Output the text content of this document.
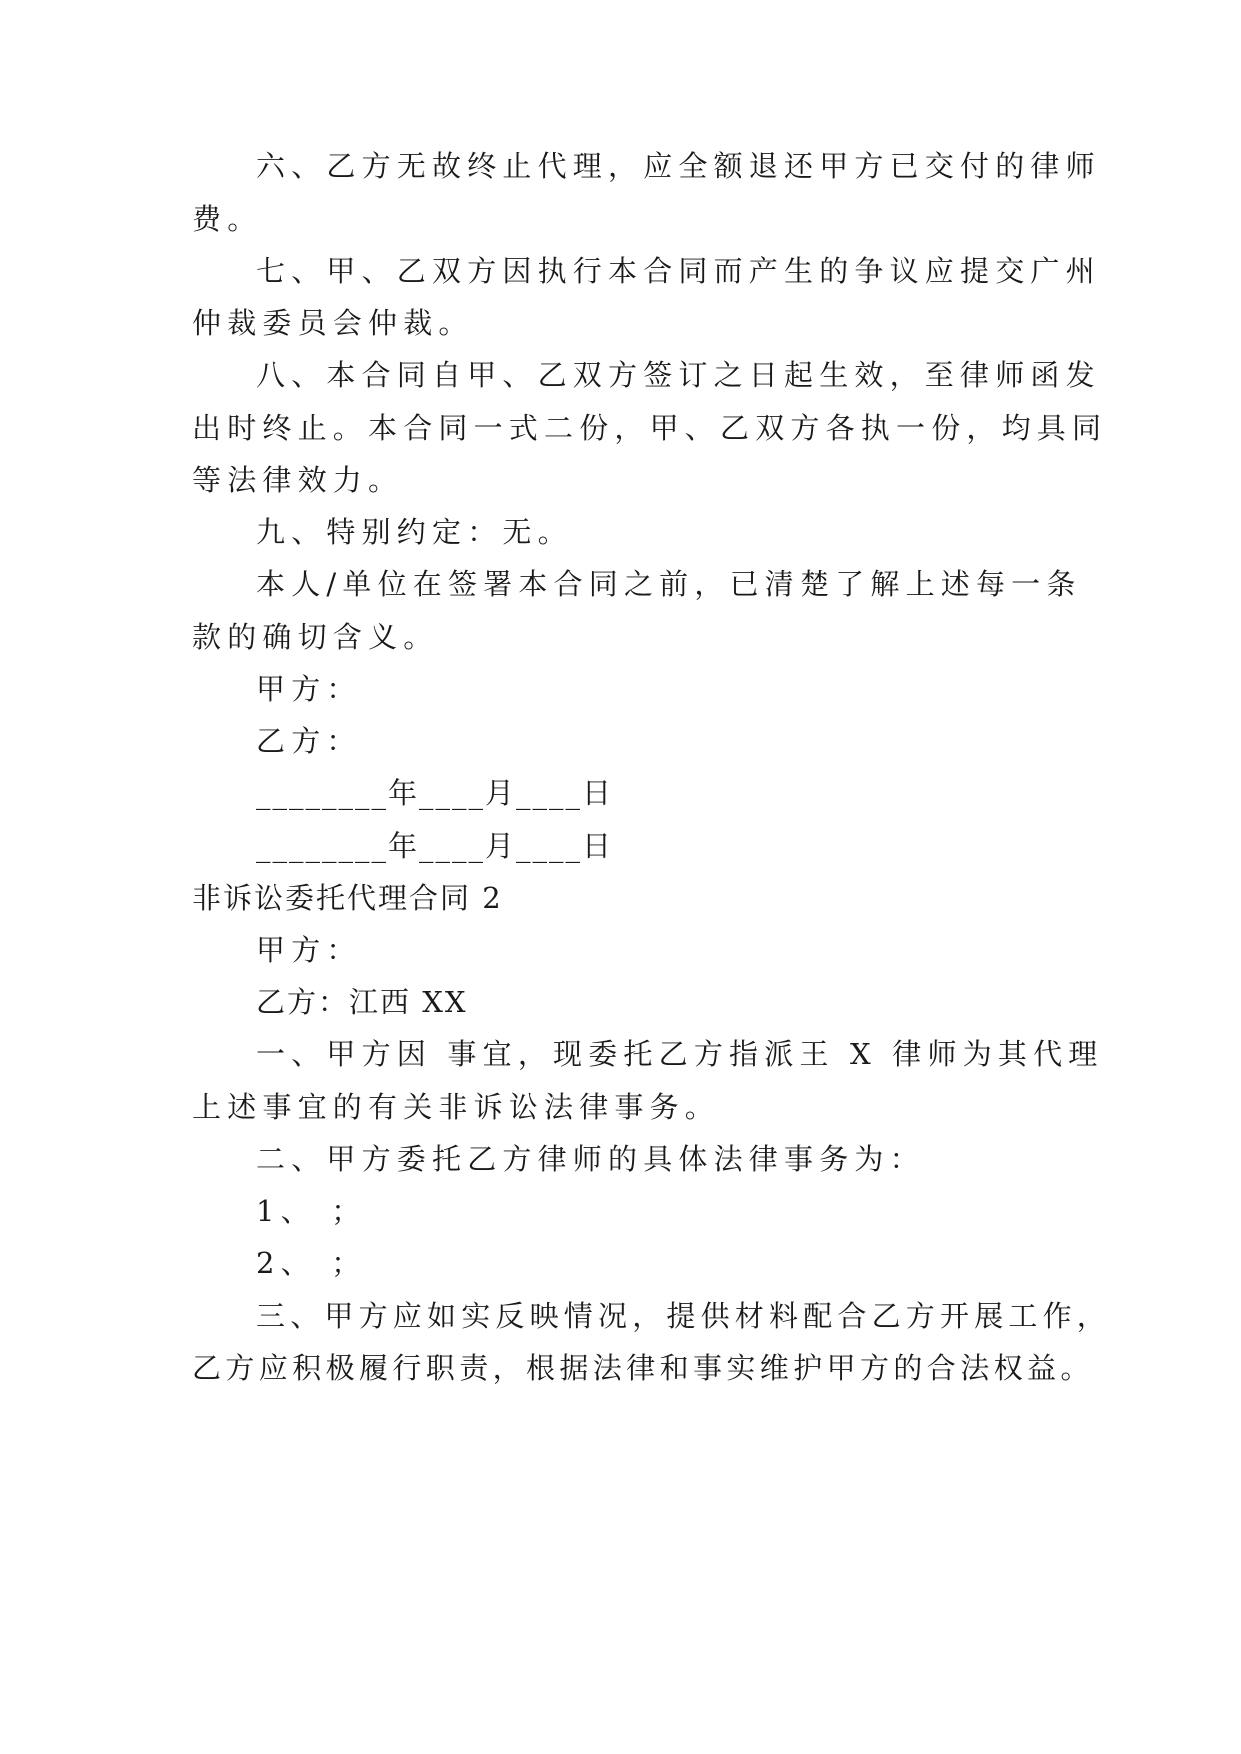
六、乙方无故终止代理，应全额退还甲方已交付的律师
费。
七、甲、乙双方因执行本合同而产生的争议应提交广州
仲裁委员会仲裁。
八、本合同自甲、乙双方签订之日起生效，至律师函发
出时终止。本合同一式二份，甲、乙双方各执一份，均具同
等法律效力。
九、特别约定：无。
本人/单位在签署本合同之前，已清楚了解上述每一条
款的确切含义。
甲方：
乙方：
________年____月____日
________年____月____日
非诉讼委托代理合同 2
甲方：
乙方：江西 XX
一、甲方因 事宜，现委托乙方指派王 X 律师为其代理
上述事宜的有关非诉讼法律事务。
二、甲方委托乙方律师的具体法律事务为：
1、 ；
2、 ；
三、甲方应如实反映情况，提供材料配合乙方开展工作，
乙方应积极履行职责，根据法律和事实维护甲方的合法权益。
